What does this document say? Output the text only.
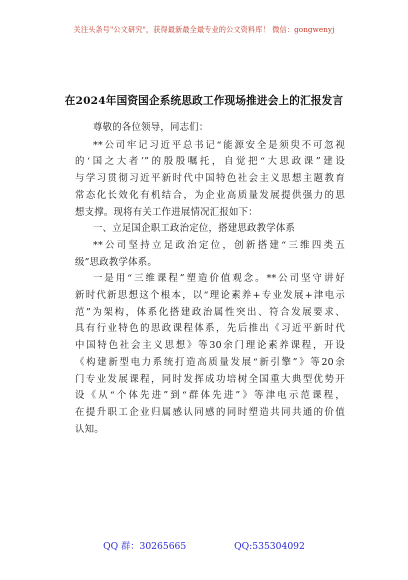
关注头条号"公文研究"，获得最新最全最专业的公文资料库！ 微信：gongwenyj
在2024年国资国企系统思政工作现场推进会上的汇报发言

尊敬的各位领导，同志们：

**公司牢记习近平总书记“能源安全是须臾不可忽视

的‘国之大者’”的殷殷嘱托，自觉把“大思政课”建设

与学习贯彻习近平新时代中国特色社会主义思想主题教育

常态化长效化有机结合，为企业高质量发展提供强力的思

想支撑。现将有关工作进展情况汇报如下：

一、立足国企职工政治定位，搭建思政教学体系

**公司坚持立足政治定位，创新搭建“三维四类五

级”思政教学体系。

一是用“三维课程”塑造价值观念。**公司坚守讲好

新时代新思想这个根本，以“理论素养+专业发展+津电示

范”为架构，体系化搭建政治属性突出、符合发展要求、

具有行业特色的思政课程体系，先后推出《习近平新时代

中国特色社会主义思想》等30余门理论素养课程，开设

《构建新型电力系统打造高质量发展“新引擎”》等20余

门专业发展课程，同时发挥成功培树全国重大典型优势开

设《从“个体先进”到“群体先进”》等津电示范课程，

在提升职工企业归属感认同感的同时塑造共同共通的价值

认知。

QQ 群：30265665	QQ:535304092
